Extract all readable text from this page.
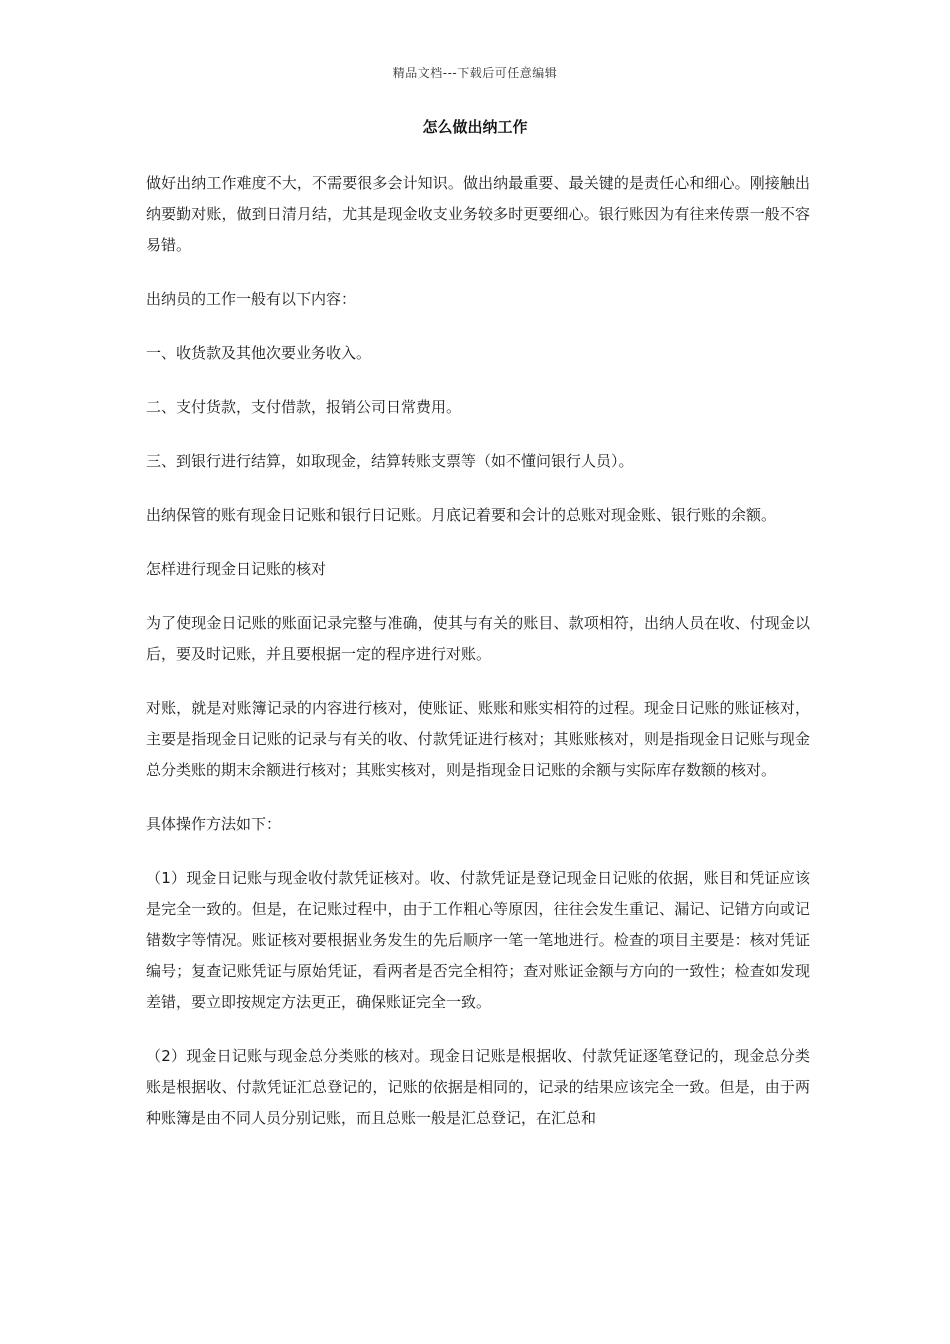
精品文档---下载后可任意编辑
怎么做出纳工作

做好出纳工作难度不大，不需要很多会计知识。做出纳最重要、最关键的是责任心和细心。刚接触出纳要勤对账，做到日清月结，尤其是现金收支业务较多时更要细心。银行账因为有往来传票一般不容易错。

出纳员的工作一般有以下内容：

一、收货款及其他次要业务收入。

二、支付货款，支付借款，报销公司日常费用。

三、到银行进行结算，如取现金，结算转账支票等（如不懂问银行人员）。

出纳保管的账有现金日记账和银行日记账。月底记着要和会计的总账对现金账、银行账的余额。

怎样进行现金日记账的核对

为了使现金日记账的账面记录完整与准确，使其与有关的账目、款项相符，出纳人员在收、付现金以后，要及时记账，并且要根据一定的程序进行对账。

对账，就是对账簿记录的内容进行核对，使账证、账账和账实相符的过程。现金日记账的账证核对，主要是指现金日记账的记录与有关的收、付款凭证进行核对；其账账核对，则是指现金日记账与现金总分类账的期末余额进行核对；其账实核对，则是指现金日记账的余额与实际库存数额的核对。

具体操作方法如下：

（1）现金日记账与现金收付款凭证核对。收、付款凭证是登记现金日记账的依据，账目和凭证应该是完全一致的。但是，在记账过程中，由于工作粗心等原因，往往会发生重记、漏记、记错方向或记错数字等情况。账证核对要根据业务发生的先后顺序一笔一笔地进行。检查的项目主要是：核对凭证编号；复查记账凭证与原始凭证，看两者是否完全相符；查对账证金额与方向的一致性；检查如发现差错，要立即按规定方法更正，确保账证完全一致。

（2）现金日记账与现金总分类账的核对。现金日记账是根据收、付款凭证逐笔登记的，现金总分类账是根据收、付款凭证汇总登记的，记账的依据是相同的，记录的结果应该完全一致。但是，由于两种账簿是由不同人员分别记账，而且总账一般是汇总登记，在汇总和
